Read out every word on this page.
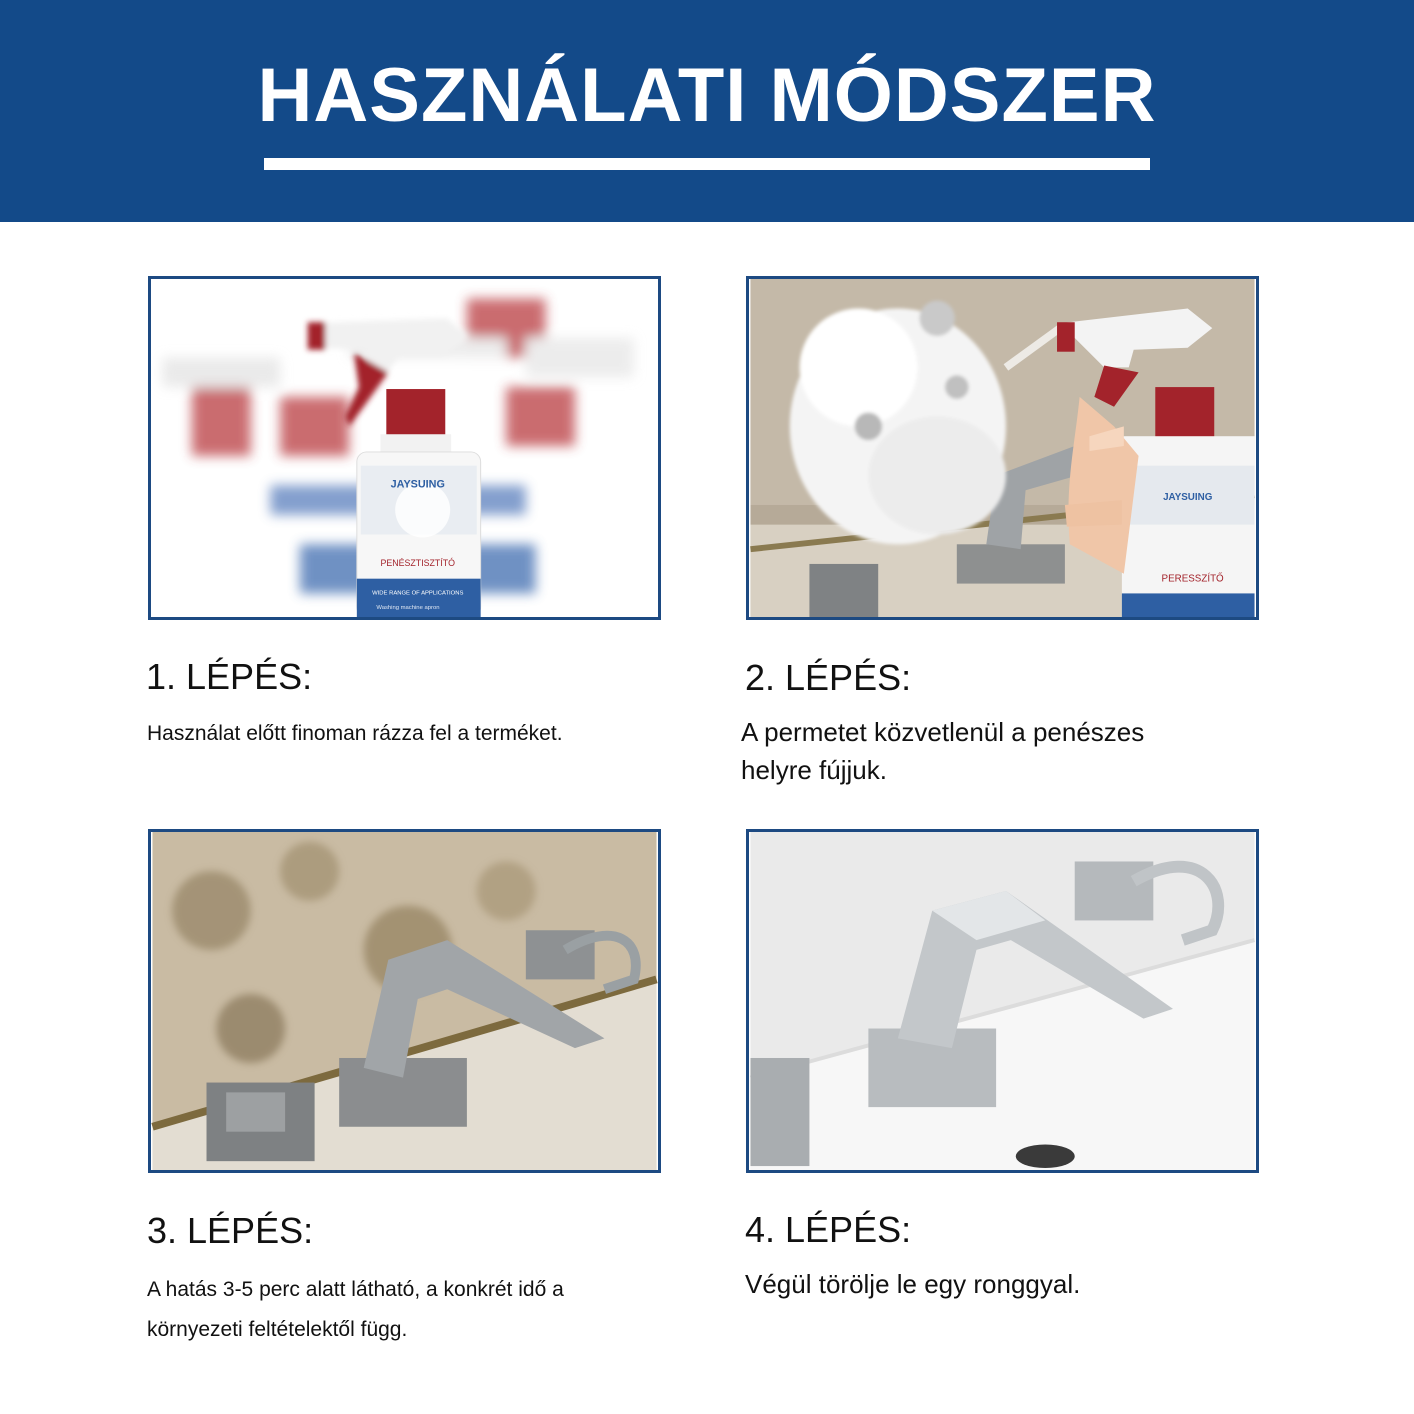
HASZNÁLATI MÓDSZER
JAYSUING
PENÉSZTISZTÍTÓ
WIDE RANGE OF APPLICATIONS
Washing machine apron
1. LÉPÉS:

Használat előtt finoman rázza fel a terméket.

JAYSUING
PERESSZÍTŐ
2. LÉPÉS:

A permetet közvetlenül a penészes helyre fújjuk.

3. LÉPÉS:

A hatás 3-5 perc alatt látható, a konkrét idő a környezeti feltételektől függ.

4. LÉPÉS:

Végül törölje le egy ronggyal.
